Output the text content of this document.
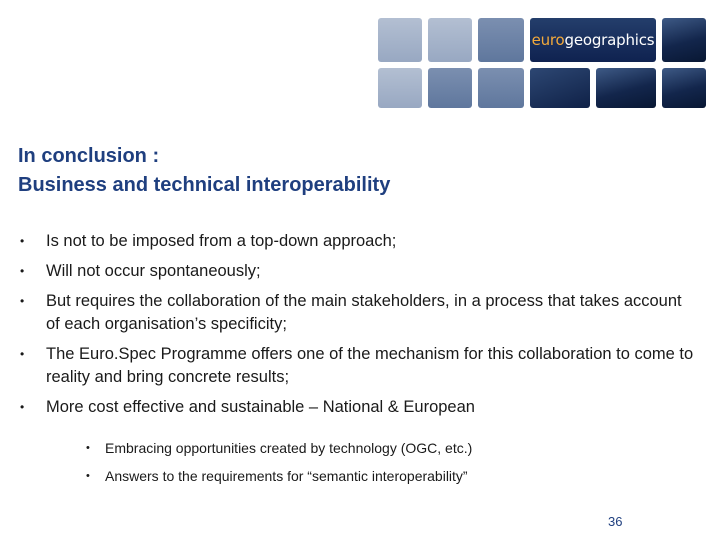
eurogeographics
In conclusion :
Business and technical interoperability
• Is not to be imposed from a top-down approach;
• Will not occur spontaneously;
• But requires the collaboration of the main stakeholders, in a process that takes account of each organisation’s specificity;
• The Euro.Spec Programme offers one of the mechanism for this collaboration to come to reality and bring concrete results;
• More cost effective and sustainable – National & European
• Embracing opportunities created by technology (OGC, etc.)
• Answers to the requirements for “semantic interoperability”
36
